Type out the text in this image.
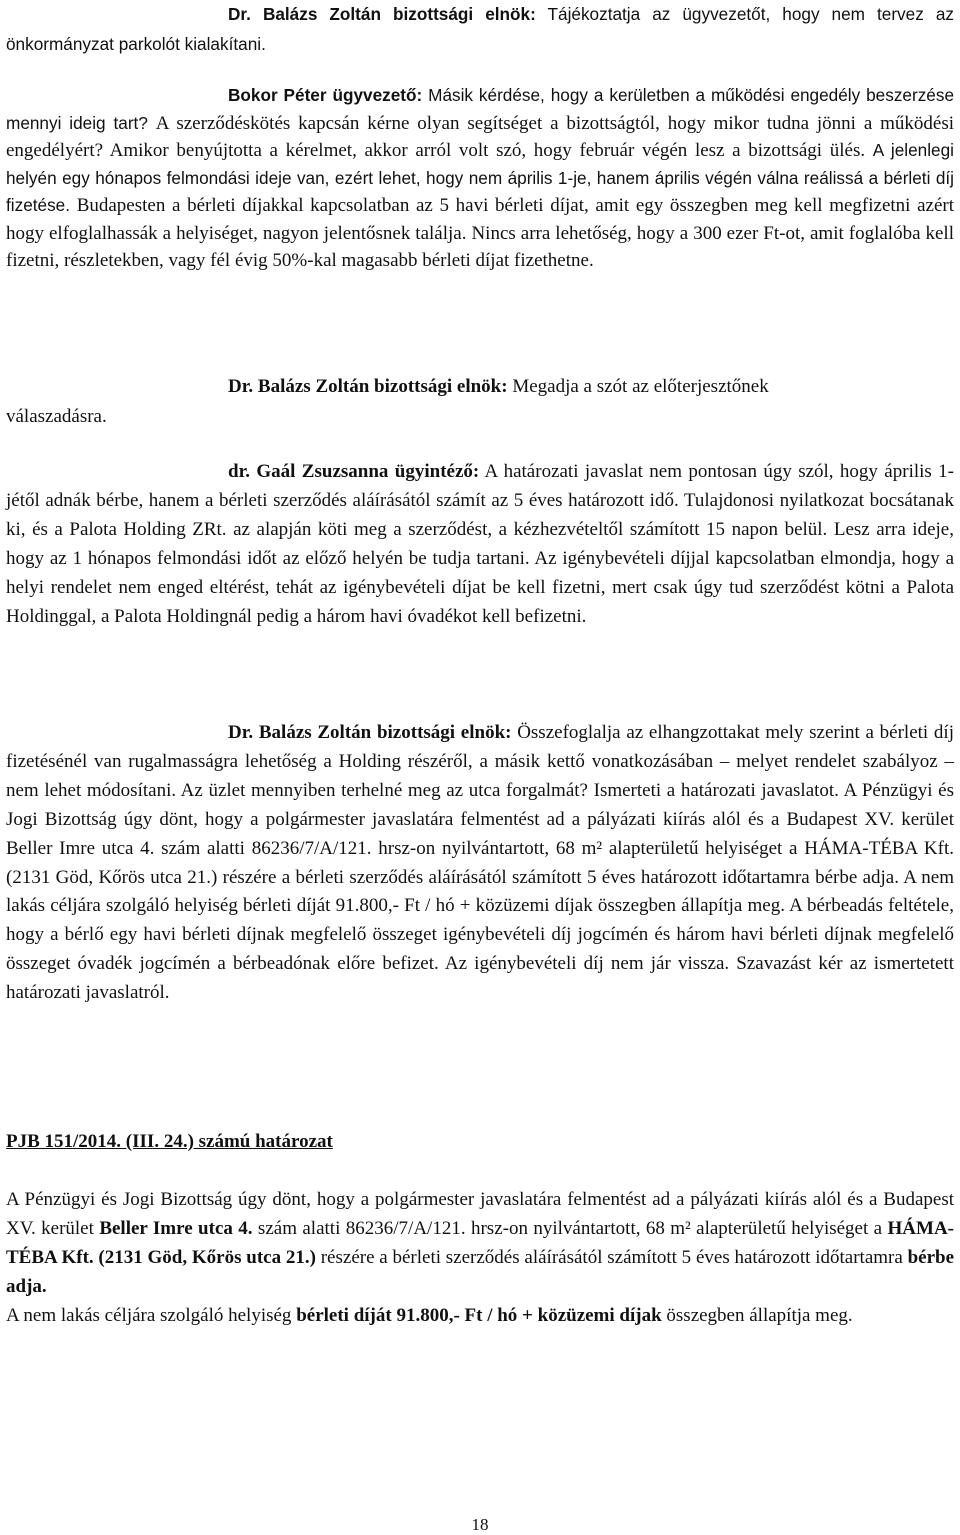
Dr. Balázs Zoltán bizottsági elnök: Tájékoztatja az ügyvezetőt, hogy nem tervez az önkormányzat parkolót kialakítani.

Bokor Péter ügyvezető: Másik kérdése, hogy a kerületben a működési engedély beszerzése mennyi ideig tart? A szerződéskötés kapcsán kérne olyan segítséget a bizottságtól, hogy mikor tudna jönni a működési engedélyért? Amikor benyújtotta a kérelmet, akkor arról volt szó, hogy február végén lesz a bizottsági ülés. A jelenlegi helyén egy hónapos felmondási ideje van, ezért lehet, hogy nem április 1-je, hanem április végén válna reálissá a bérleti díj fizetése. Budapesten a bérleti díjakkal kapcsolatban az 5 havi bérleti díjat, amit egy összegben meg kell megfizetni azért hogy elfoglalhassák a helyiséget, nagyon jelentősnek találja. Nincs arra lehetőség, hogy a 300 ezer Ft-ot, amit foglalóba kell fizetni, részletekben, vagy fél évig 50%-kal magasabb bérleti díjat fizethetne.

Dr. Balázs Zoltán bizottsági elnök: Megadja a szót az előterjesztőnek

válaszadásra.

dr. Gaál Zsuzsanna ügyintéző: A határozati javaslat nem pontosan úgy szól, hogy április 1-jétől adnák bérbe, hanem a bérleti szerződés aláírásától számít az 5 éves határozott idő. Tulajdonosi nyilatkozat bocsátanak ki, és a Palota Holding ZRt. az alapján köti meg a szerződést, a kézhezvételtől számított 15 napon belül. Lesz arra ideje, hogy az 1 hónapos felmondási időt az előző helyén be tudja tartani. Az igénybevételi díjjal kapcsolatban elmondja, hogy a helyi rendelet nem enged eltérést, tehát az igénybevételi díjat be kell fizetni, mert csak úgy tud szerződést kötni a Palota Holdinggal, a Palota Holdingnál pedig a három havi óvadékot kell befizetni.

Dr. Balázs Zoltán bizottsági elnök: Összefoglalja az elhangzottakat mely szerint a bérleti díj fizetésénél van rugalmasságra lehetőség a Holding részéről, a másik kettő vonatkozásában – melyet rendelet szabályoz – nem lehet módosítani. Az üzlet mennyiben terhelné meg az utca forgalmát? Ismerteti a határozati javaslatot. A Pénzügyi és Jogi Bizottság úgy dönt, hogy a polgármester javaslatára felmentést ad a pályázati kiírás alól és a Budapest XV. kerület Beller Imre utca 4. szám alatti 86236/7/A/121. hrsz-on nyilvántartott, 68 m² alapterületű helyiséget a HÁMA-TÉBA Kft. (2131 Göd, Kőrös utca 21.) részére a bérleti szerződés aláírásától számított 5 éves határozott időtartamra bérbe adja. A nem lakás céljára szolgáló helyiség bérleti díját 91.800,- Ft / hó + közüzemi díjak összegben állapítja meg. A bérbeadás feltétele, hogy a bérlő egy havi bérleti díjnak megfelelő összeget igénybevételi díj jogcímén és három havi bérleti díjnak megfelelő összeget óvadék jogcímén a bérbeadónak előre befizet. Az igénybevételi díj nem jár vissza. Szavazást kér az ismertetett határozati javaslatról.

PJB 151/2014. (III. 24.) számú határozat

A Pénzügyi és Jogi Bizottság úgy dönt, hogy a polgármester javaslatára felmentést ad a pályázati kiírás alól és a Budapest XV. kerület Beller Imre utca 4. szám alatti 86236/7/A/121. hrsz-on nyilvántartott, 68 m² alapterületű helyiséget a HÁMA-TÉBA Kft. (2131 Göd, Kőrös utca 21.) részére a bérleti szerződés aláírásától számított 5 éves határozott időtartamra bérbe adja.

A nem lakás céljára szolgáló helyiség bérleti díját 91.800,- Ft / hó + közüzemi díjak összegben állapítja meg.

18
